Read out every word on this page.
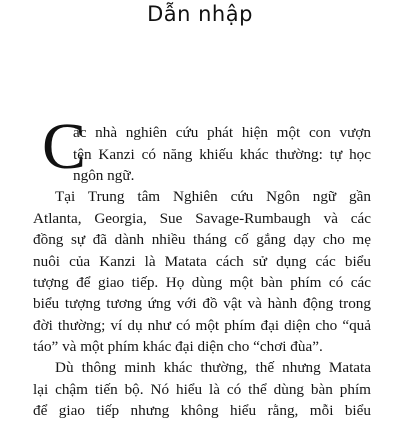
Dẫn nhập
C
ác nhà nghiên cứu phát hiện một con vượn
tên Kanzi có năng khiếu khác thường: tự học
ngôn ngữ.
Tại Trung tâm Nghiên cứu Ngôn ngữ gần
Atlanta, Georgia, Sue Savage-Rumbaugh và các
đồng sự đã dành nhiều tháng cố gắng dạy cho mẹ
nuôi của Kanzi là Matata cách sử dụng các biểu
tượng để giao tiếp. Họ dùng một bàn phím có các
biểu tượng tương ứng với đồ vật và hành động trong
đời thường; ví dụ như có một phím đại diện cho “quả
táo” và một phím khác đại diện cho “chơi đùa”.
Dù thông minh khác thường, thế nhưng Matata
lại chậm tiến bộ. Nó hiểu là có thể dùng bàn phím
để giao tiếp nhưng không hiểu rằng, mỗi biểu
